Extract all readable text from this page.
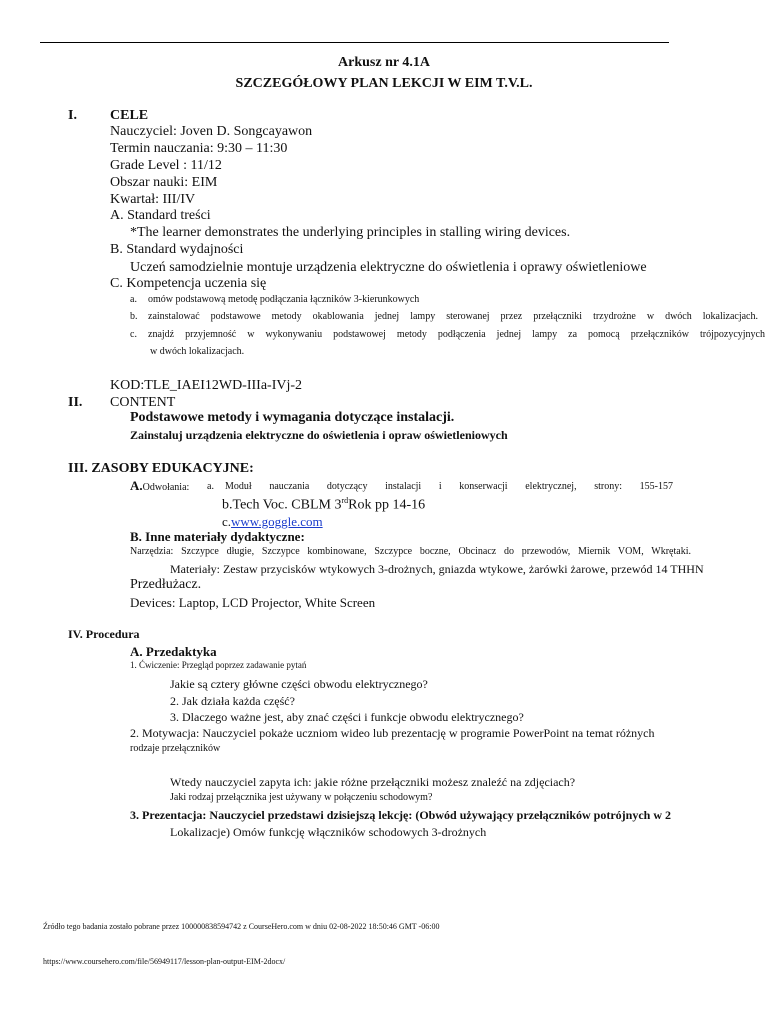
Arkusz nr 4.1A
SZCZEGÓŁOWY PLAN LEKCJI W EIM T.V.L.
I. CELE
Nauczyciel: Joven D. Songcayawon
Termin nauczania: 9:30 – 11:30
Grade Level : 11/12
Obszar nauki: EIM
Kwartał: III/IV
A. Standard treści
*The learner demonstrates the underlying principles in stalling wiring devices.
B. Standard wydajności
Uczeń samodzielnie montuje urządzenia elektryczne do oświetlenia i oprawy oświetleniowe
C. Kompetencja uczenia się
a. omów podstawową metodę podłączania łączników 3-kierunkowych
b. zainstalować podstawowe metody okablowania jednej lampy sterowanej przez przełączniki trzydrożne w dwóch lokalizacjach.
c. znajdź przyjemność w wykonywaniu podstawowej metody podłączenia jednej lampy za pomocą przełączników trójpozycyjnych
w dwóch lokalizacjach.
KOD:TLE_IAEI12WD-IIIa-IVj-2
II. CONTENT
Podstawowe metody i wymagania dotyczące instalacji.
Zainstaluj urządzenia elektryczne do oświetlenia i opraw oświetleniowych
III. ZASOBY EDUKACYJNE:
A.Odwołania: a. Moduł nauczania dotyczący instalacji i konserwacji elektrycznej, strony: 155-157
b.Tech Voc. CBLM 3rdRok pp 14-16
c.www.goggle.com
B. Inne materiały dydaktyczne:
Narzędzia: Szczypce długie, Szczypce kombinowane, Szczypce boczne, Obcinacz do przewodów, Miernik VOM, Wkrętaki.
Materiały: Zestaw przycisków wtykowych 3-drożnych, gniazda wtykowe, żarówki żarowe, przewód 14 THHN
Przedłużacz.
Devices: Laptop, LCD Projector, White Screen
IV. Procedura
A. Przedaktyka
1. Ćwiczenie: Przegląd poprzez zadawanie pytań
Jakie są cztery główne części obwodu elektrycznego?
2. Jak działa każda część?
3. Dlaczego ważne jest, aby znać części i funkcje obwodu elektrycznego?
2. Motywacja: Nauczyciel pokaże uczniom wideo lub prezentację w programie PowerPoint na temat różnych
rodzaje przełączników
Wtedy nauczyciel zapyta ich: jakie różne przełączniki możesz znaleźć na zdjęciach?
Jaki rodzaj przełącznika jest używany w połączeniu schodowym?
3. Prezentacja: Nauczyciel przedstawi dzisiejszą lekcję: (Obwód używający przełączników potrójnych w 2
Lokalizacje) Omów funkcję włączników schodowych 3-drożnych
Źródło tego badania zostało pobrane przez 100000838594742 z CourseHero.com w dniu 02-08-2022 18:50:46 GMT -06:00
https://www.coursehero.com/file/56949117/lesson-plan-output-EIM-2docx/
